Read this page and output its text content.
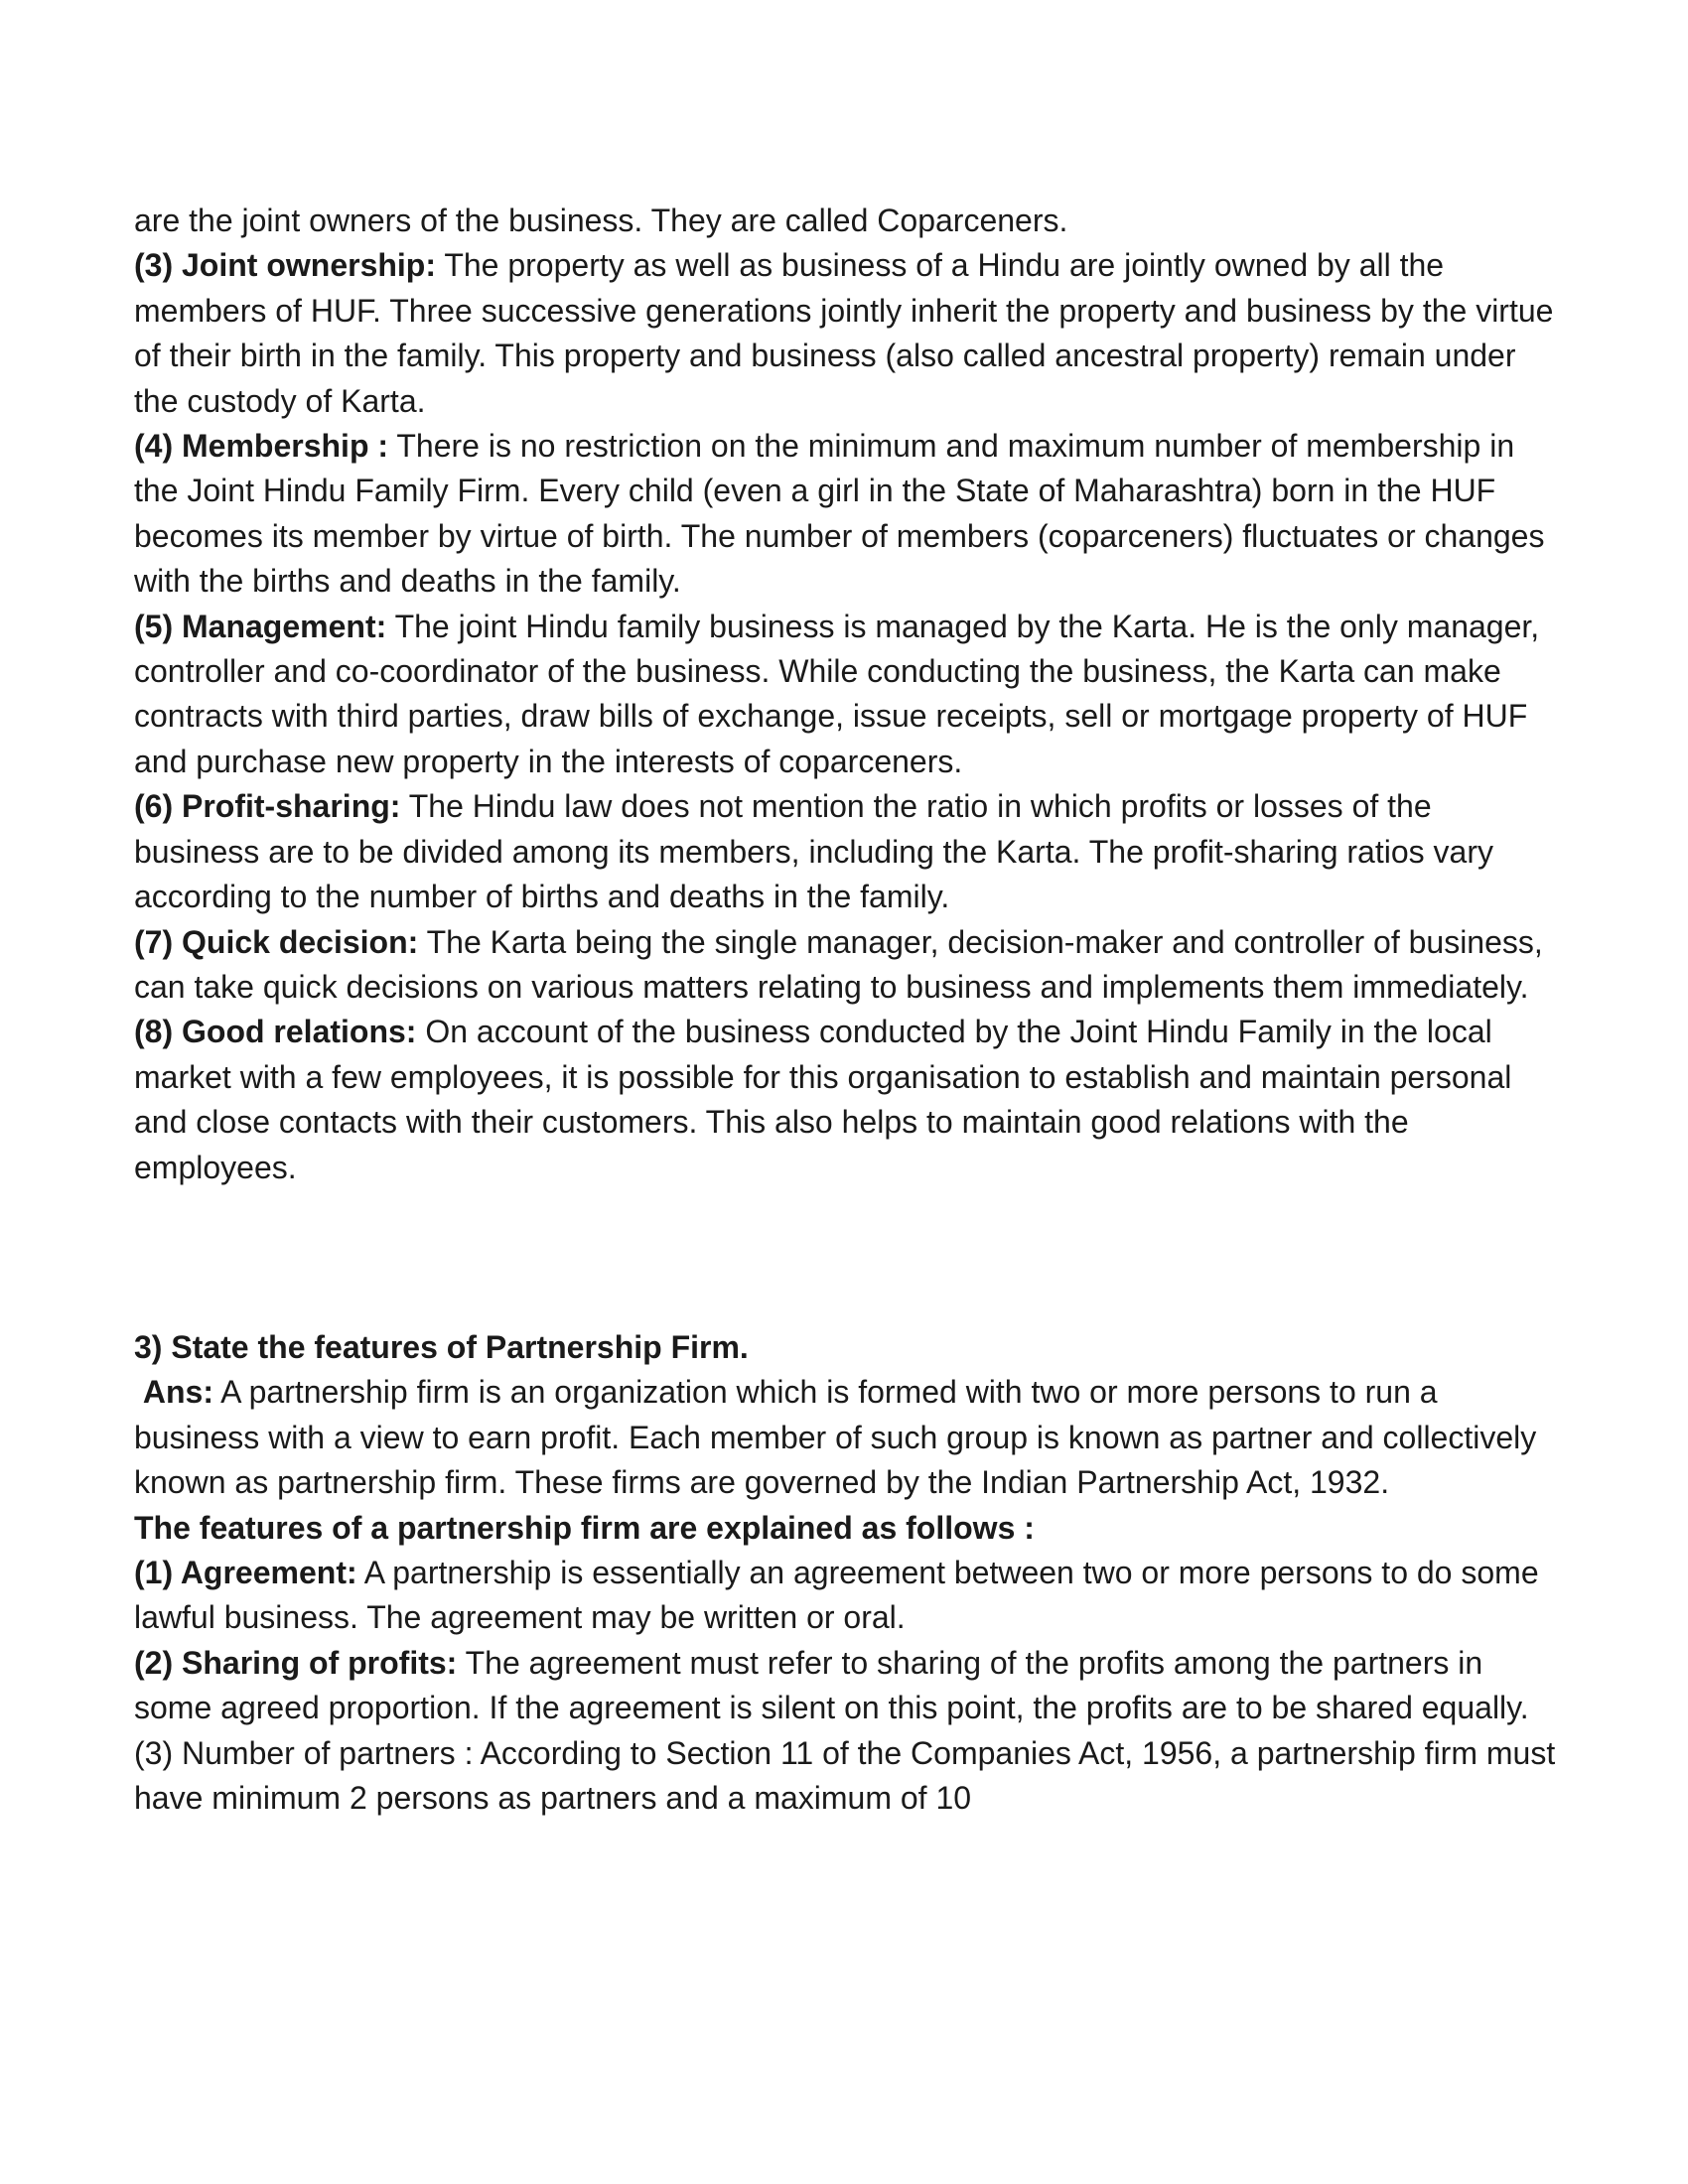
are the joint owners of the business. They are called Coparceners.

(3) Joint ownership: The property as well as business of a Hindu are jointly owned by all the members of HUF. Three successive generations jointly inherit the property and business by the virtue of their birth in the family. This property and business (also called ancestral property) remain under the custody of Karta.

(4) Membership : There is no restriction on the minimum and maximum number of membership in the Joint Hindu Family Firm. Every child (even a girl in the State of Maharashtra) born in the HUF becomes its member by virtue of birth. The number of members (coparceners) fluctuates or changes with the births and deaths in the family.

(5) Management: The joint Hindu family business is managed by the Karta. He is the only manager, controller and co-coordinator of the business. While conducting the business, the Karta can make contracts with third parties, draw bills of exchange, issue receipts, sell or mortgage property of HUF and purchase new property in the interests of coparceners.

(6) Profit-sharing: The Hindu law does not mention the ratio in which profits or losses of the business are to be divided among its members, including the Karta. The profit-sharing ratios vary according to the number of births and deaths in the family.

(7) Quick decision: The Karta being the single manager, decision-maker and controller of business, can take quick decisions on various matters relating to business and implements them immediately.

(8) Good relations: On account of the business conducted by the Joint Hindu Family in the local market with a few employees, it is possible for this organisation to establish and maintain personal and close contacts with their customers. This also helps to maintain good relations with the employees.

3) State the features of Partnership Firm.

Ans: A partnership firm is an organization which is formed with two or more persons to run a business with a view to earn profit. Each member of such group is known as partner and collectively known as partnership firm. These firms are governed by the Indian Partnership Act, 1932.

The features of a partnership firm are explained as follows :

(1) Agreement: A partnership is essentially an agreement between two or more persons to do some lawful business. The agreement may be written or oral.

(2) Sharing of profits: The agreement must refer to sharing of the profits among the partners in some agreed proportion. If the agreement is silent on this point, the profits are to be shared equally.

(3) Number of partners : According to Section 11 of the Companies Act, 1956, a partnership firm must have minimum 2 persons as partners and a maximum of 10
